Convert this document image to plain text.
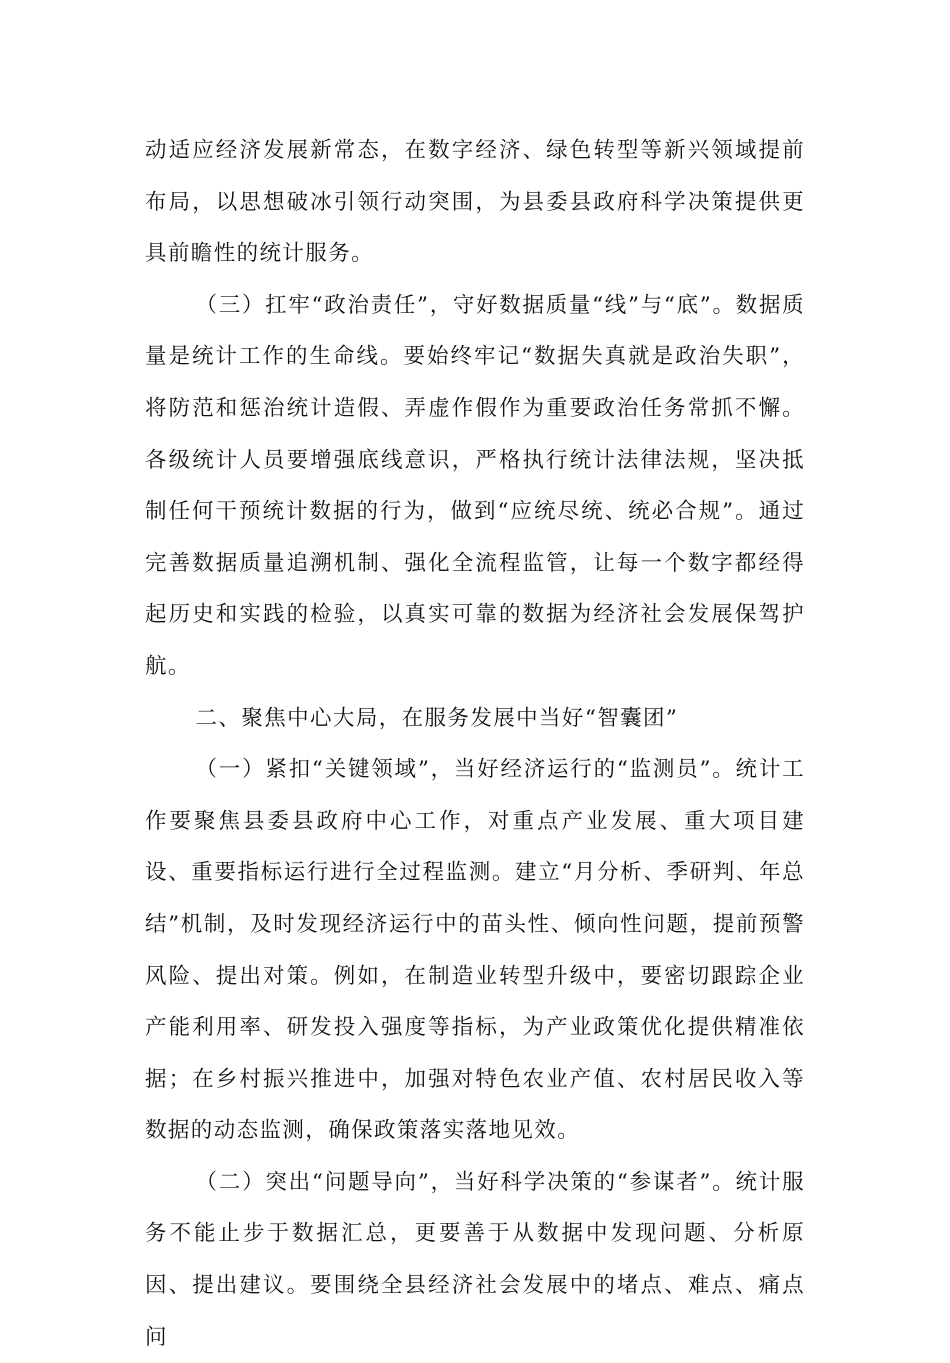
动适应经济发展新常态，在数字经济、绿色转型等新兴领域提前布局，以思想破冰引领行动突围，为县委县政府科学决策提供更具前瞻性的统计服务。

（三）扛牢“政治责任”，守好数据质量“线”与“底”。数据质量是统计工作的生命线。要始终牢记“数据失真就是政治失职”，将防范和惩治统计造假、弄虚作假作为重要政治任务常抓不懈。各级统计人员要增强底线意识，严格执行统计法律法规，坚决抵制任何干预统计数据的行为，做到“应统尽统、统必合规”。通过完善数据质量追溯机制、强化全流程监管，让每一个数字都经得起历史和实践的检验，以真实可靠的数据为经济社会发展保驾护航。

二、聚焦中心大局，在服务发展中当好“智囊团”

（一）紧扣“关键领域”，当好经济运行的“监测员”。统计工作要聚焦县委县政府中心工作，对重点产业发展、重大项目建设、重要指标运行进行全过程监测。建立“月分析、季研判、年总结”机制，及时发现经济运行中的苗头性、倾向性问题，提前预警风险、提出对策。例如，在制造业转型升级中，要密切跟踪企业产能利用率、研发投入强度等指标，为产业政策优化提供精准依据；在乡村振兴推进中，加强对特色农业产值、农村居民收入等数据的动态监测，确保政策落实落地见效。

（二）突出“问题导向”，当好科学决策的“参谋者”。统计服务不能止步于数据汇总，更要善于从数据中发现问题、分析原因、提出建议。要围绕全县经济社会发展中的堵点、难点、痛点问
